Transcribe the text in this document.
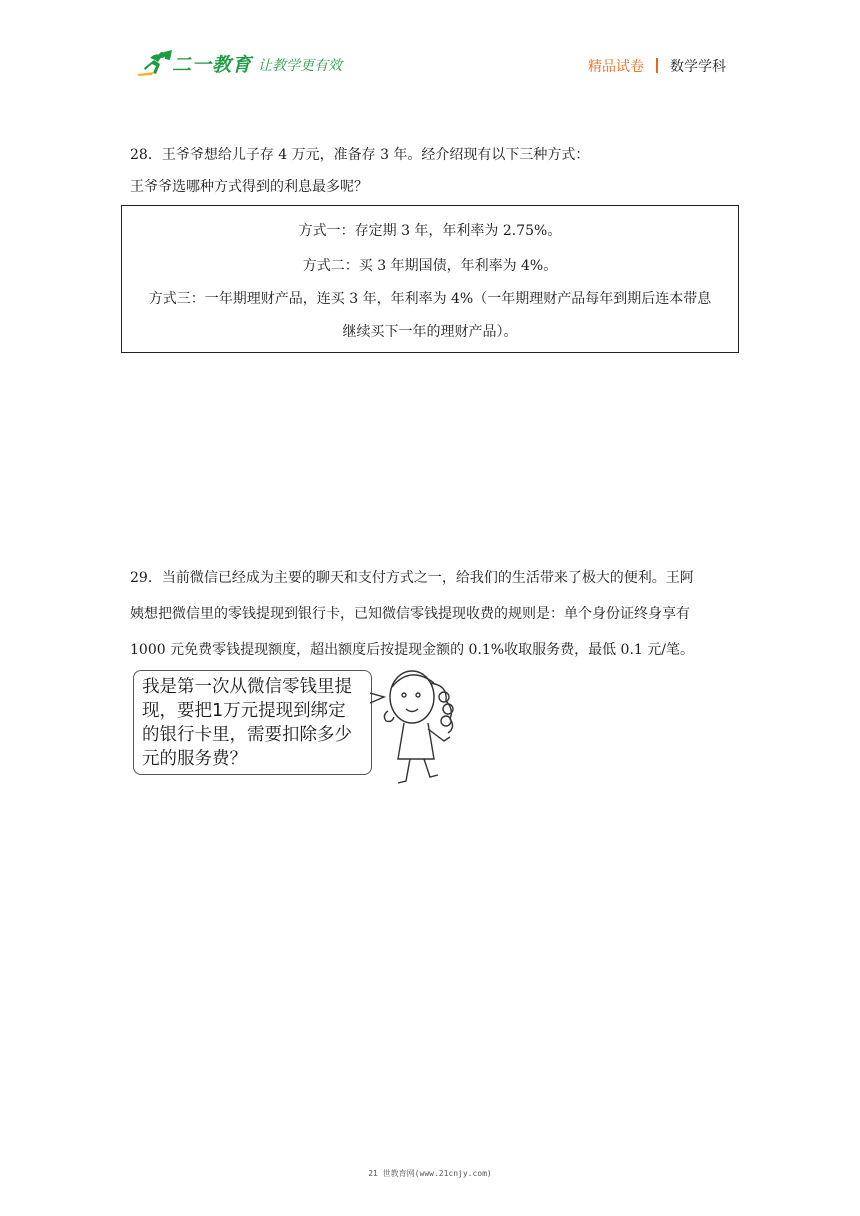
二一教育 让教学更有效	精品试卷 数学学科
28．王爷爷想给儿子存 4 万元，准备存 3 年。经介绍现有以下三种方式：
王爷爷选哪种方式得到的利息最多呢？
方式一：存定期 3 年，年利率为 2.75%。
方式二：买 3 年期国债，年利率为 4%。
方式三：一年期理财产品，连买 3 年，年利率为 4%（一年期理财产品每年到期后连本带息
继续买下一年的理财产品）。
29．当前微信已经成为主要的聊天和支付方式之一，给我们的生活带来了极大的便利。王阿
姨想把微信里的零钱提现到银行卡，已知微信零钱提现收费的规则是：单个身份证终身享有
1000 元免费零钱提现额度，超出额度后按提现金额的 0.1%收取服务费，最低 0.1 元/笔。
我是第一次从微信零钱里提
现，要把1万元提现到绑定
的银行卡里，需要扣除多少
元的服务费？
21 世教育网(www.21cnjy.com)
